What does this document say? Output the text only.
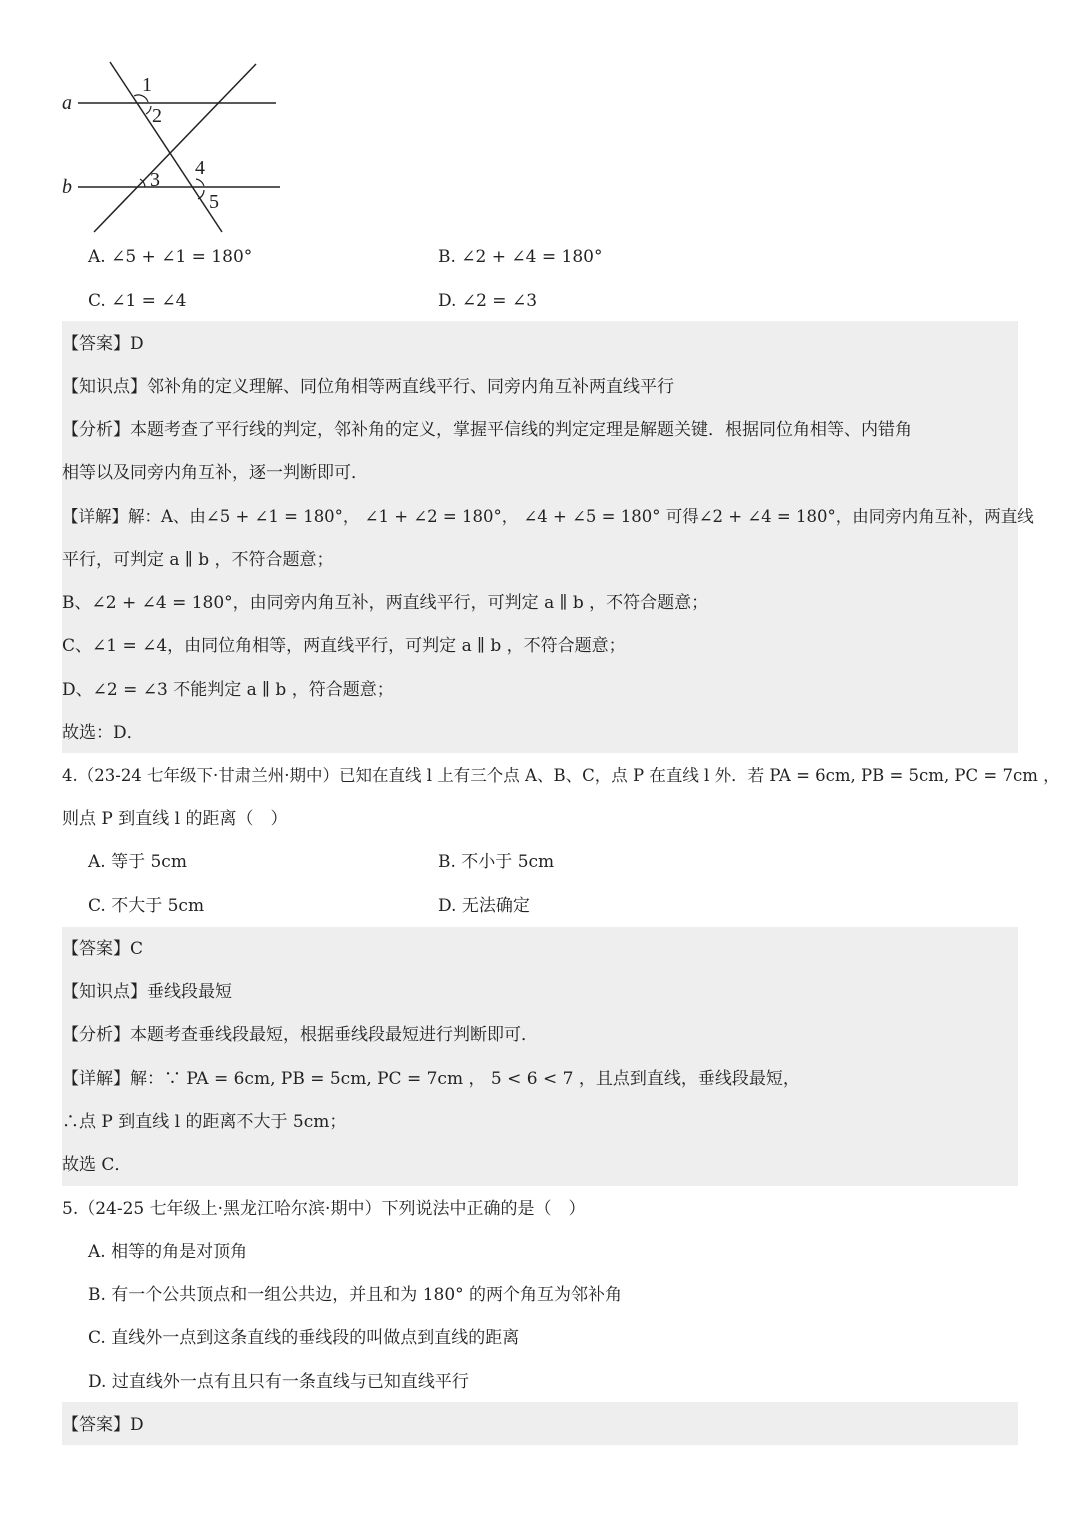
a
b
1
2
3
4
5
A. ∠5 + ∠1 = 180°	B. ∠2 + ∠4 = 180°
C. ∠1 = ∠4	D. ∠2 = ∠3
【答案】D
【知识点】邻补角的定义理解、同位角相等两直线平行、同旁内角互补两直线平行
【分析】本题考查了平行线的判定，邻补角的定义，掌握平信线的判定定理是解题关键．根据同位角相等、内错角
相等以及同旁内角互补，逐一判断即可．
【详解】解：A、由∠5 + ∠1 = 180°， ∠1 + ∠2 = 180°， ∠4 + ∠5 = 180° 可得∠2 + ∠4 = 180°，由同旁内角互补，两直线
平行，可判定 a ∥ b ，不符合题意；
B、∠2 + ∠4 = 180°，由同旁内角互补，两直线平行，可判定 a ∥ b ，不符合题意；
C、∠1 = ∠4，由同位角相等，两直线平行，可判定 a ∥ b ，不符合题意；
D、∠2 = ∠3 不能判定 a ∥ b ，符合题意；
故选：D．
4.（23-24 七年级下·甘肃兰州·期中）已知在直线 l 上有三个点 A、B、C，点 P 在直线 l 外．若 PA = 6cm, PB = 5cm, PC = 7cm ，
则点 P 到直线 l 的距离（　）
A. 等于 5cm	B. 不小于 5cm
C. 不大于 5cm	D. 无法确定
【答案】C
【知识点】垂线段最短
【分析】本题考查垂线段最短，根据垂线段最短进行判断即可．
【详解】解：∵ PA = 6cm, PB = 5cm, PC = 7cm ， 5 < 6 < 7 ，且点到直线，垂线段最短，
∴点 P 到直线 l 的距离不大于 5cm；
故选 C．
5.（24-25 七年级上·黑龙江哈尔滨·期中）下列说法中正确的是（　）
A. 相等的角是对顶角
B. 有一个公共顶点和一组公共边，并且和为 180° 的两个角互为邻补角
C. 直线外一点到这条直线的垂线段的叫做点到直线的距离
D. 过直线外一点有且只有一条直线与已知直线平行
【答案】D
